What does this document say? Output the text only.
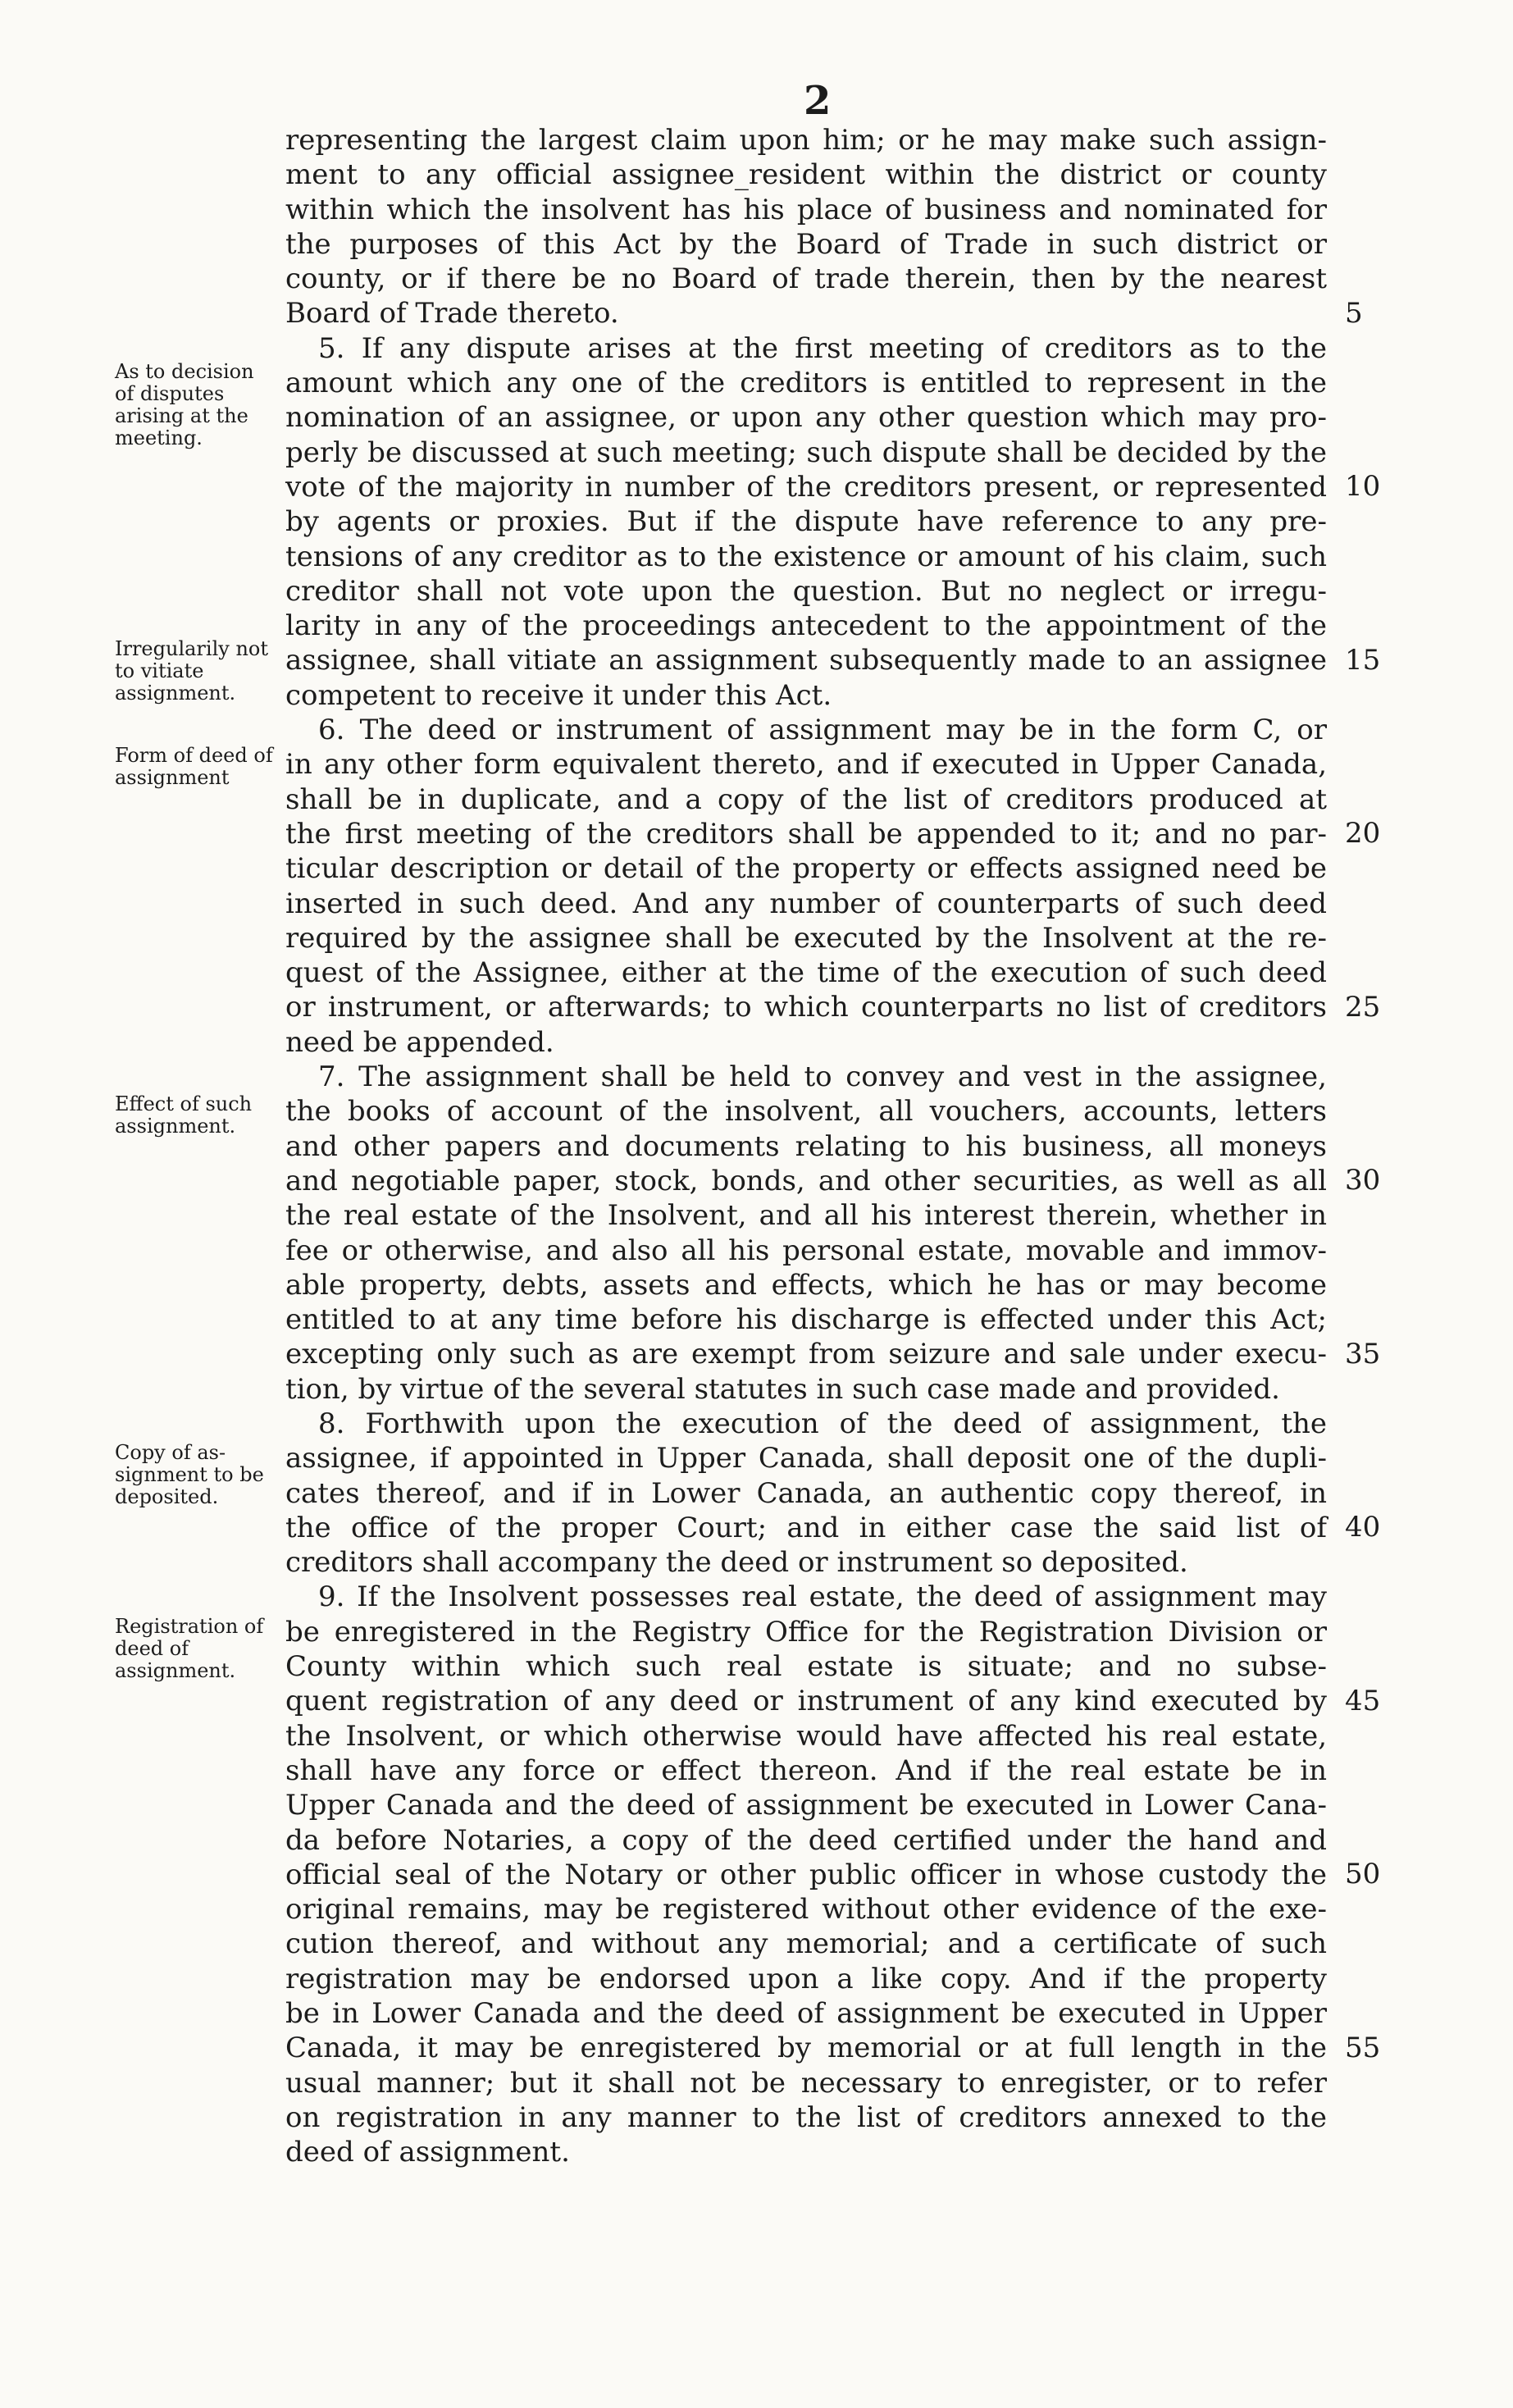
2
representing the largest claim upon him; or he may make such assign-
ment to any official assignee_resident within the district or county
within which the insolvent has his place of business and nominated for
the purposes of this Act by the Board of Trade in such district or
county, or if there be no Board of trade therein, then by the nearest
Board of Trade thereto.
5. If any dispute arises at the first meeting of creditors as to the
amount which any one of the creditors is entitled to represent in the
nomination of an assignee, or upon any other question which may pro-
perly be discussed at such meeting; such dispute shall be decided by the
vote of the majority in number of the creditors present, or represented
by agents or proxies. But if the dispute have reference to any pre-
tensions of any creditor as to the existence or amount of his claim, such
creditor shall not vote upon the question. But no neglect or irregu-
larity in any of the proceedings antecedent to the appointment of the
assignee, shall vitiate an assignment subsequently made to an assignee
competent to receive it under this Act.
6. The deed or instrument of assignment may be in the form C, or
in any other form equivalent thereto, and if executed in Upper Canada,
shall be in duplicate, and a copy of the list of creditors produced at
the first meeting of the creditors shall be appended to it; and no par-
ticular description or detail of the property or effects assigned need be
inserted in such deed. And any number of counterparts of such deed
required by the assignee shall be executed by the Insolvent at the re-
quest of the Assignee, either at the time of the execution of such deed
or instrument, or afterwards; to which counterparts no list of creditors
need be appended.
7. The assignment shall be held to convey and vest in the assignee,
the books of account of the insolvent, all vouchers, accounts, letters
and other papers and documents relating to his business, all moneys
and negotiable paper, stock, bonds, and other securities, as well as all
the real estate of the Insolvent, and all his interest therein, whether in
fee or otherwise, and also all his personal estate, movable and immov-
able property, debts, assets and effects, which he has or may become
entitled to at any time before his discharge is effected under this Act;
excepting only such as are exempt from seizure and sale under execu-
tion, by virtue of the several statutes in such case made and provided.
8. Forthwith upon the execution of the deed of assignment, the
assignee, if appointed in Upper Canada, shall deposit one of the dupli-
cates thereof, and if in Lower Canada, an authentic copy thereof, in
the office of the proper Court; and in either case the said list of
creditors shall accompany the deed or instrument so deposited.
9. If the Insolvent possesses real estate, the deed of assignment may
be enregistered in the Registry Office for the Registration Division or
County within which such real estate is situate; and no subse-
quent registration of any deed or instrument of any kind executed by
the Insolvent, or which otherwise would have affected his real estate,
shall have any force or effect thereon. And if the real estate be in
Upper Canada and the deed of assignment be executed in Lower Cana-
da before Notaries, a copy of the deed certified under the hand and
official seal of the Notary or other public officer in whose custody the
original remains, may be registered without other evidence of the exe-
cution thereof, and without any memorial; and a certificate of such
registration may be endorsed upon a like copy. And if the property
be in Lower Canada and the deed of assignment be executed in Upper
Canada, it may be enregistered by memorial or at full length in the
usual manner; but it shall not be necessary to enregister, or to refer
on registration in any manner to the list of creditors annexed to the
deed of assignment.
As to decision of disputes arising at the meeting.
Irregularily not to vitiate assignment.
Form of deed of assignment
Effect of such assignment.
Copy of as-signment to be deposited.
Registration of deed of assignment.
5
10
15
20
25
30
35
40
45
50
55
